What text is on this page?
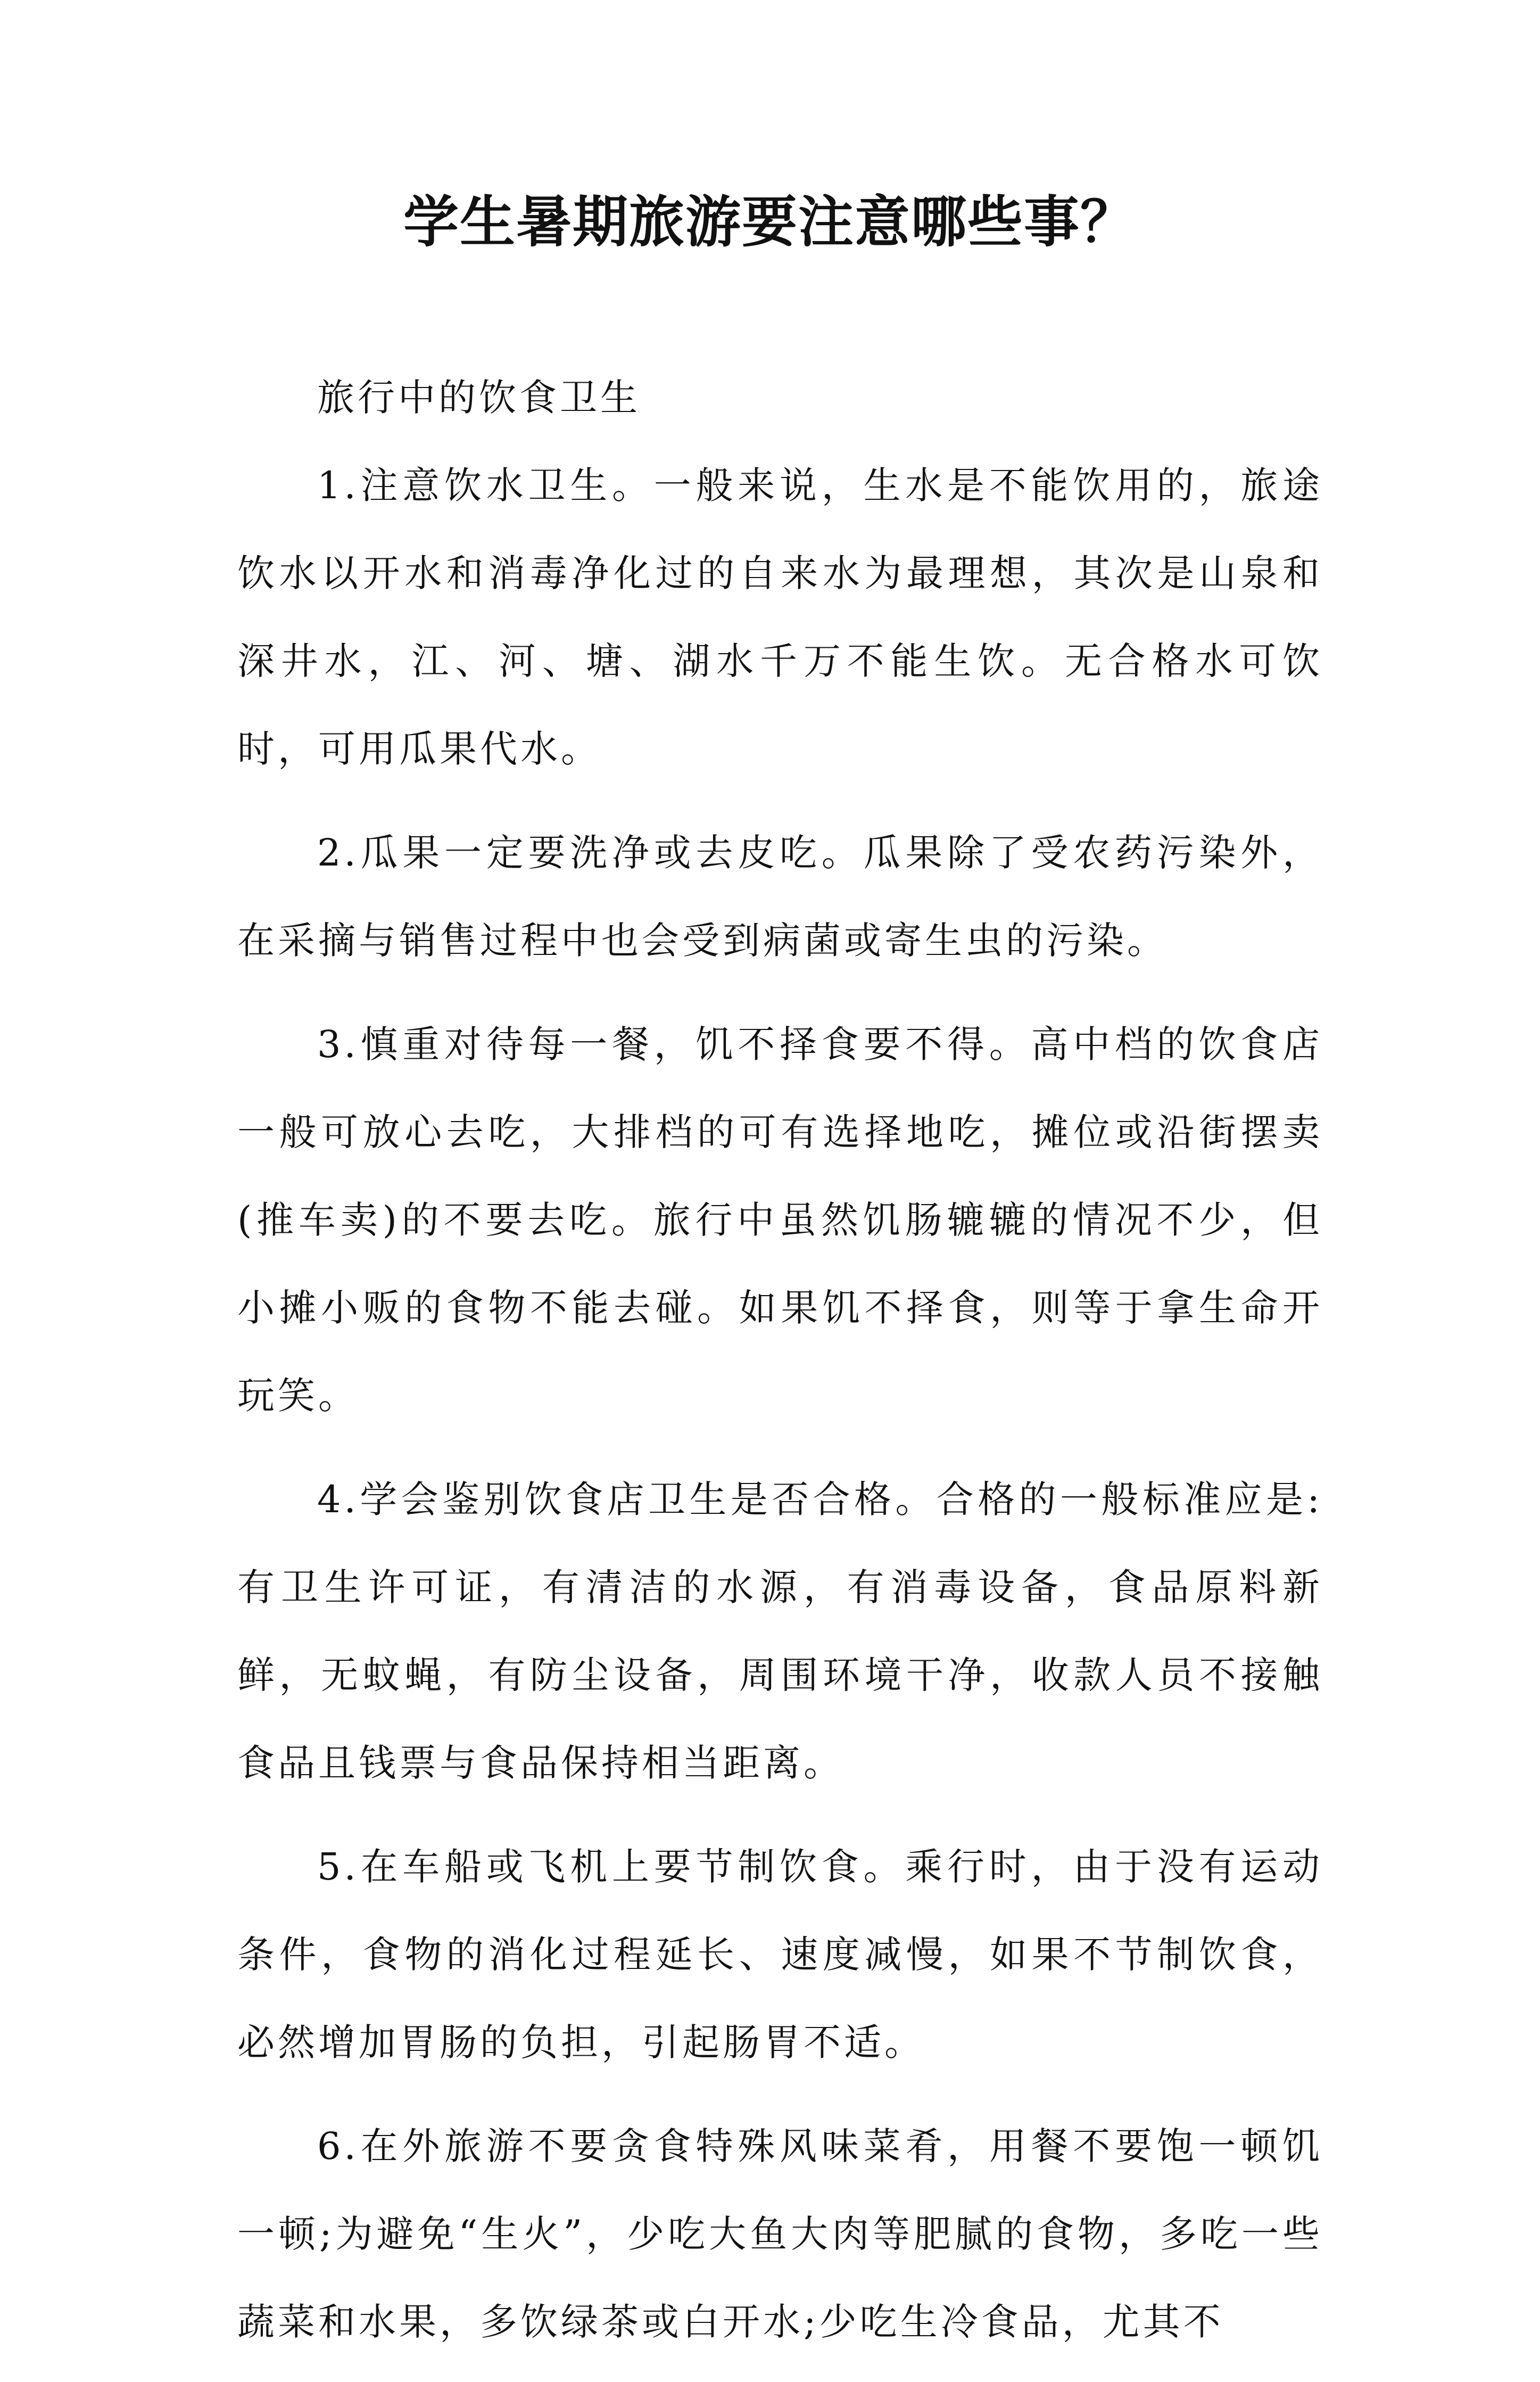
学生暑期旅游要注意哪些事？

旅行中的饮食卫生

1.注意饮水卫生。一般来说，生水是不能饮用的，旅途饮水以开水和消毒净化过的自来水为最理想，其次是山泉和深井水，江、河、塘、湖水千万不能生饮。无合格水可饮时，可用瓜果代水。

2.瓜果一定要洗净或去皮吃。瓜果除了受农药污染外，在采摘与销售过程中也会受到病菌或寄生虫的污染。

3.慎重对待每一餐，饥不择食要不得。高中档的饮食店一般可放心去吃，大排档的可有选择地吃，摊位或沿街摆卖(推车卖)的不要去吃。旅行中虽然饥肠辘辘的情况不少，但小摊小贩的食物不能去碰。如果饥不择食，则等于拿生命开玩笑。

4.学会鉴别饮食店卫生是否合格。合格的一般标准应是:有卫生许可证，有清洁的水源，有消毒设备，食品原料新鲜，无蚊蝇，有防尘设备，周围环境干净，收款人员不接触食品且钱票与食品保持相当距离。

5.在车船或飞机上要节制饮食。乘行时，由于没有运动条件，食物的消化过程延长、速度减慢，如果不节制饮食，必然增加胃肠的负担，引起肠胃不适。

6.在外旅游不要贪食特殊风味菜肴，用餐不要饱一顿饥一顿;为避免“生火”，少吃大鱼大肉等肥腻的食物，多吃一些蔬菜和水果，多饮绿茶或白开水;少吃生冷食品，尤其不
